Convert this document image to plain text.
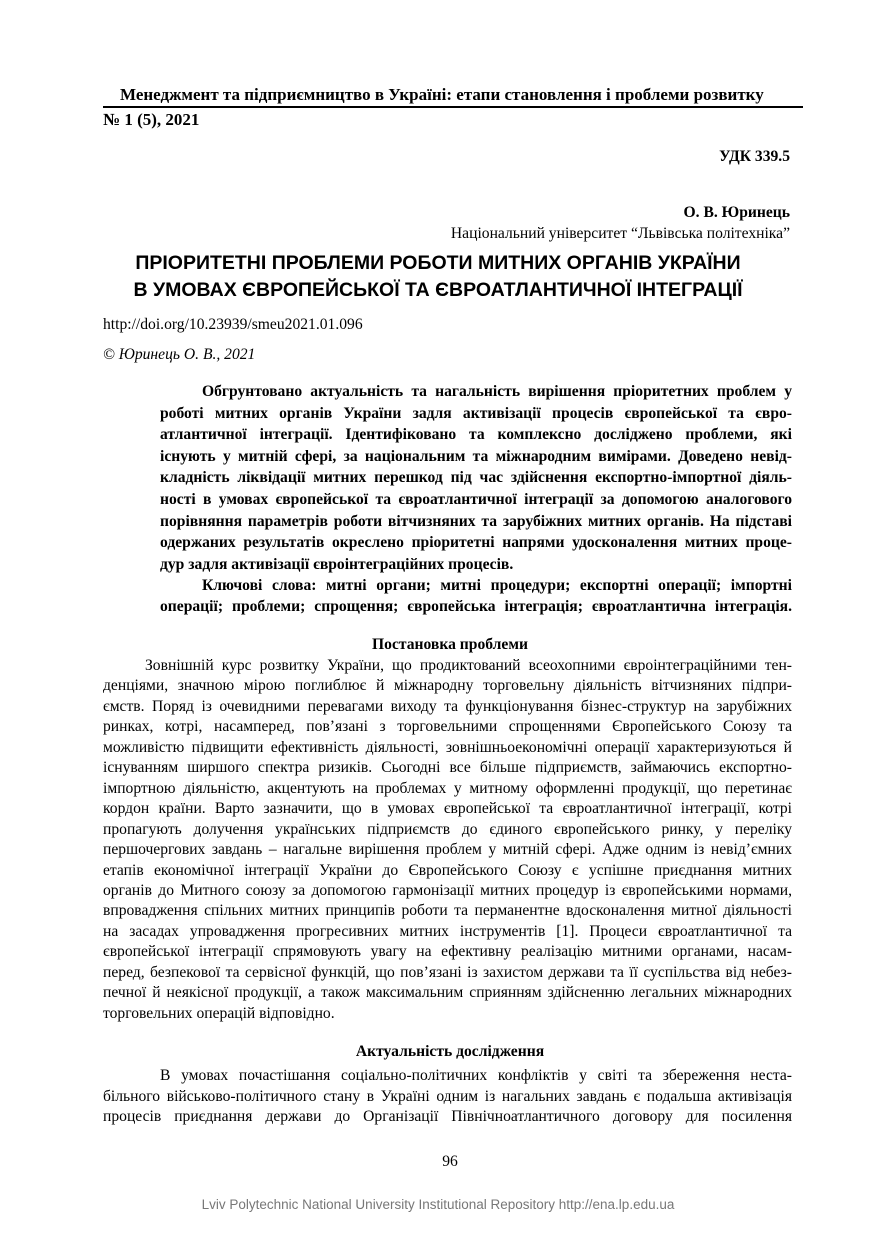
Менеджмент та підприємництво в Україні: етапи становлення і проблеми розвитку
№ 1 (5), 2021
УДК 339.5
О. В. Юринець
Національний університет “Львівська політехніка”
ПРІОРИТЕТНІ ПРОБЛЕМИ РОБОТИ МИТНИХ ОРГАНІВ УКРАЇНИ
В УМОВАХ ЄВРОПЕЙСЬКОЇ ТА ЄВРОАТЛАНТИЧНОЇ ІНТЕГРАЦІЇ
http://doi.org/10.23939/smeu2021.01.096
© Юринець О. В., 2021
Обгрунтовано актуальність та нагальність вирішення пріоритетних проблем у
роботі митних органів України задля активізації процесів європейської та євро-
атлантичної інтеграції. Ідентифіковано та комплексно досліджено проблеми, які
існують у митній сфері, за національним та міжнародним вимірами. Доведено невід-
кладність ліквідації митних перешкод під час здійснення експортно-імпортної діяль-
ності в умовах європейської та євроатлантичної інтеграції за допомогою аналогового
порівняння параметрів роботи вітчизняних та зарубіжних митних органів. На підставі
одержаних результатів окреслено пріоритетні напрями удосконалення митних проце-
дур задля активізації євроінтеграційних процесів.
Ключові слова: митні органи; митні процедури; експортні операції; імпортні
операції; проблеми; спрощення; європейська інтеграція; євроатлантична інтеграція.
Постановка проблеми
Зовнішній курс розвитку України, що продиктований всеохопними євроінтеграційними тен-
денціями, значною мірою поглиблює й міжнародну торговельну діяльність вітчизняних підпри-
ємств. Поряд із очевидними перевагами виходу та функціонування бізнес-структур на зарубіжних
ринках, котрі, насамперед, пов’язані з торговельними спрощеннями Європейського Союзу та
можливістю підвищити ефективність діяльності, зовнішньоекономічні операції характеризуються й
існуванням ширшого спектра ризиків. Сьогодні все більше підприємств, займаючись експортно-
імпортною діяльністю, акцентують на проблемах у митному оформленні продукції, що перетинає
кордон країни. Варто зазначити, що в умовах європейської та євроатлантичної інтеграції, котрі
пропагують долучення українських підприємств до єдиного європейського ринку, у переліку
першочергових завдань – нагальне вирішення проблем у митній сфері. Адже одним із невід’ємних
етапів економічної інтеграції України до Європейського Союзу є успішне приєднання митних
органів до Митного союзу за допомогою гармонізації митних процедур із європейськими нормами,
впровадження спільних митних принципів роботи та перманентне вдосконалення митної діяльності
на засадах упровадження прогресивних митних інструментів [1]. Процеси євроатлантичної та
європейської інтеграції спрямовують увагу на ефективну реалізацію митними органами, насам-
перед, безпекової та сервісної функцій, що пов’язані із захистом держави та її суспільства від небез-
печної й неякісної продукції, а також максимальним сприянням здійсненню легальних міжнародних
торговельних операцій відповідно.
Актуальність дослідження
В умовах почастішання соціально-політичних конфліктів у світі та збереження неста-
більного військово-політичного стану в Україні одним із нагальних завдань є подальша активізація
процесів приєднання держави до Організації Північноатлантичного договору для посилення
96
Lviv Polytechnic National University Institutional Repository http://ena.lp.edu.ua
